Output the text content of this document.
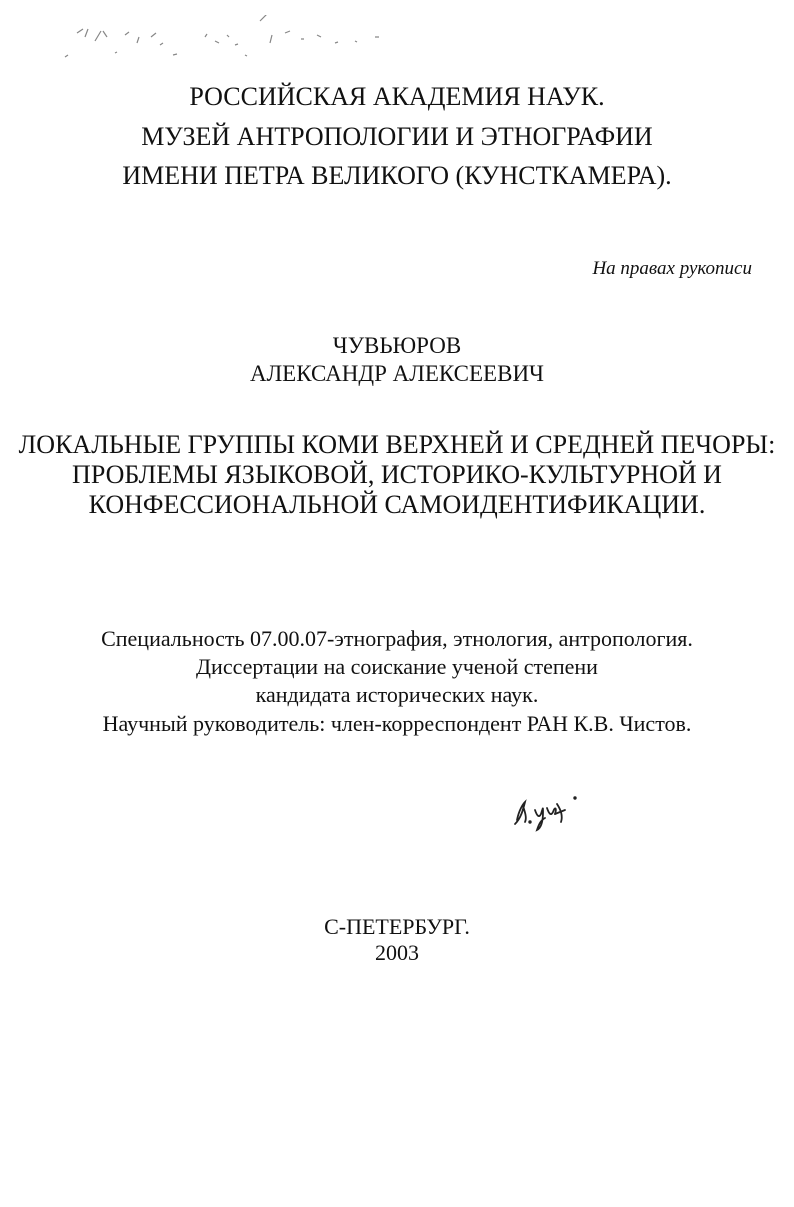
РОССИЙСКАЯ АКАДЕМИЯ НАУК.
МУЗЕЙ АНТРОПОЛОГИИ И ЭТНОГРАФИИ
ИМЕНИ ПЕТРА ВЕЛИКОГО (КУНСТКАМЕРА).
На правах рукописи
ЧУВЬЮРОВ
АЛЕКСАНДР АЛЕКСЕЕВИЧ
ЛОКАЛЬНЫЕ ГРУППЫ КОМИ ВЕРХНЕЙ И СРЕДНЕЙ ПЕЧОРЫ:
ПРОБЛЕМЫ ЯЗЫКОВОЙ, ИСТОРИКО-КУЛЬТУРНОЙ И
КОНФЕССИОНАЛЬНОЙ САМОИДЕНТИФИКАЦИИ.
Специальность 07.00.07-этнография, этнология, антропология.
Диссертации на соискание ученой степени
кандидата исторических наук.
Научный руководитель: член-корреспондент РАН К.В. Чистов.
С-ПЕТЕРБУРГ.
2003
